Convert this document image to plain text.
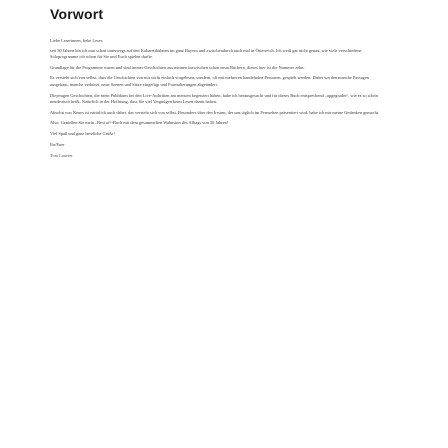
Vorwort

Liebe Leserinnen, liebe Leser,

seit 30 Jahren bin ich nun schon unterwegs auf den Kabarettbühnen im ganz Bayern und zwischendurch auch mal in Österreich. Ich weiß gar nicht genau, wie viele verschiedene Soloprogramme ich schon für Sie und Euch spielen durfte.

Grundlage für die Programme waren und sind immer Geschichten aus meinen inzwischen schon neun Büchern, dieses hier ist die Nummer zehn.

Es versteht sich von selbst, dass die Geschichten von mir nicht einfach vorgelesen, sondern, oft mit mehreren handelnden Personen, gespielt werden. Dabei werden manche Passagen ausgebaut, manche verkürzt, neue Szenen und Sätze eingefügt und Formulierungen abgeändert.

Diejenigen Geschichten, die mein Publikum bei den Live-Auftritten am meisten begeistert haben, habe ich herausgesucht und für dieses Buch entsprechend „upgegradet“, wie es so schön neudeutsch heißt. Natürlich in der Hoffnung, dass Sie viel Vergnügen beim Lesen damit haben.

Absolut was Neues ist natürlich auch dabei, das versteht sich von selbst. Besonders über den Irrsinn, der uns täglich im Fernsehen präsentiert wird, habe ich mir meine Gedanken gemacht.

Also: Genießen Sie mein „Best of“-Buch mit dem gesammelten Wahnsinn des Alltags von 30 Jahren!

Viel Spaß und ganz herzliche Grüße!

Ihr/Euer

Toni Lauerer
